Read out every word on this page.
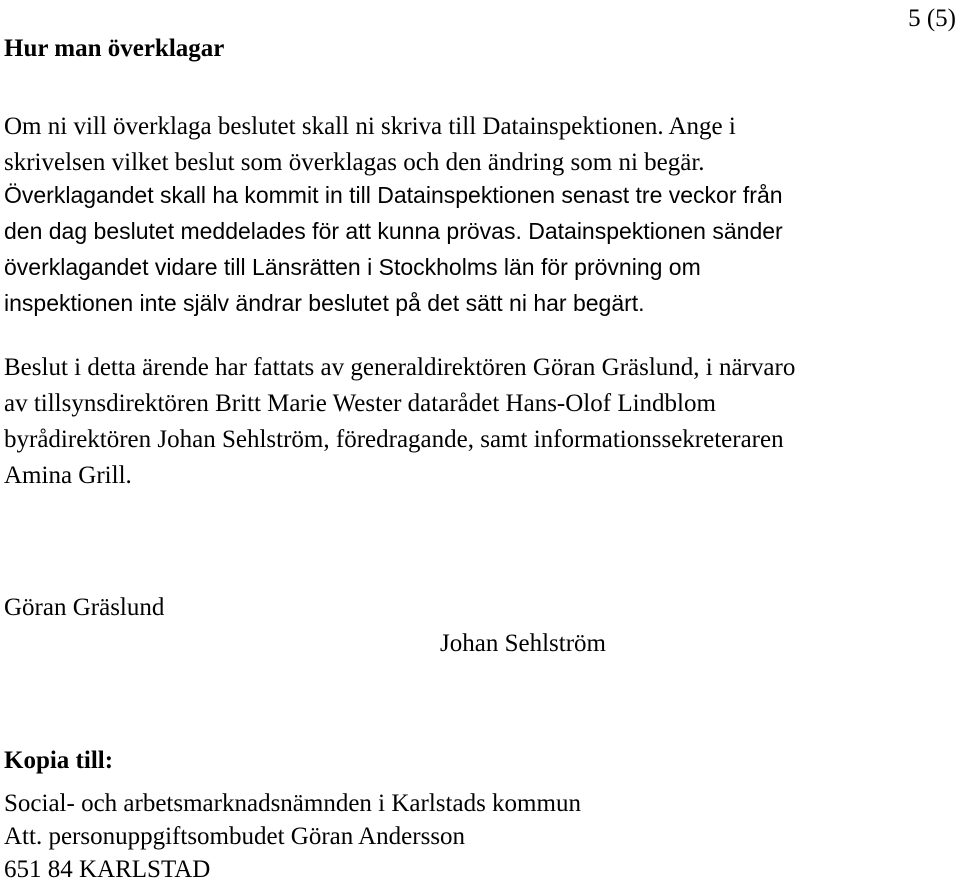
5 (5)
Hur man överklagar
Om ni vill överklaga beslutet skall ni skriva till Datainspektionen. Ange i
skrivelsen vilket beslut som överklagas och den ändring som ni begär.
Överklagandet skall ha kommit in till Datainspektionen senast tre veckor från
den dag beslutet meddelades för att kunna prövas. Datainspektionen sänder
överklagandet vidare till Länsrätten i Stockholms län för prövning om
inspektionen inte själv ändrar beslutet på det sätt ni har begärt.
Beslut i detta ärende har fattats av generaldirektören Göran Gräslund, i närvaro
av tillsynsdirektören Britt Marie Wester datarådet Hans-Olof Lindblom
byrådirektören Johan Sehlström, föredragande, samt informationssekreteraren
Amina Grill.

Göran Gräslund

Johan Sehlström

Kopia till:

Social- och arbetsmarknadsnämnden i Karlstads kommun

Att. personuppgiftsombudet Göran Andersson

651 84 KARLSTAD
